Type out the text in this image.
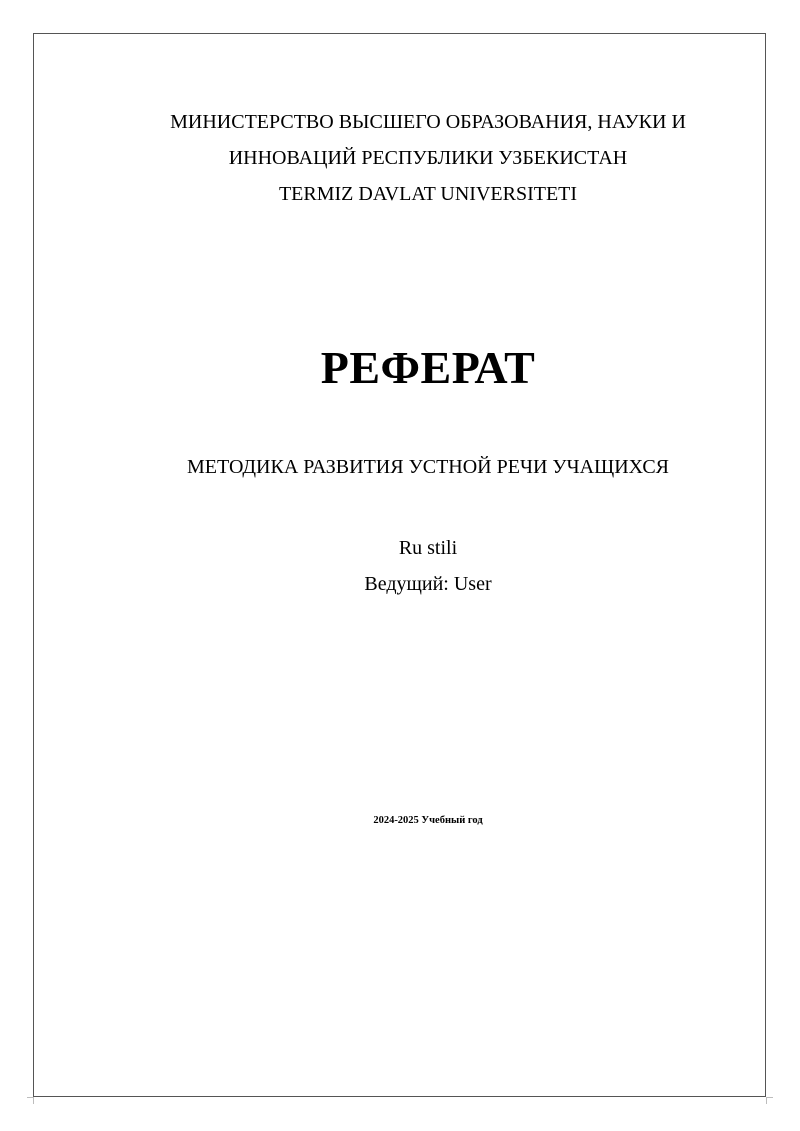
МИНИСТЕРСТВО ВЫСШЕГО ОБРАЗОВАНИЯ, НАУКИ И
ИННОВАЦИЙ РЕСПУБЛИКИ УЗБЕКИСТАН
TERMIZ DAVLAT UNIVERSITETI
РЕФЕРАТ
МЕТОДИКА РАЗВИТИЯ УСТНОЙ РЕЧИ УЧАЩИХСЯ
Ru stili
Ведущий: User
2024-2025 Учебный год
